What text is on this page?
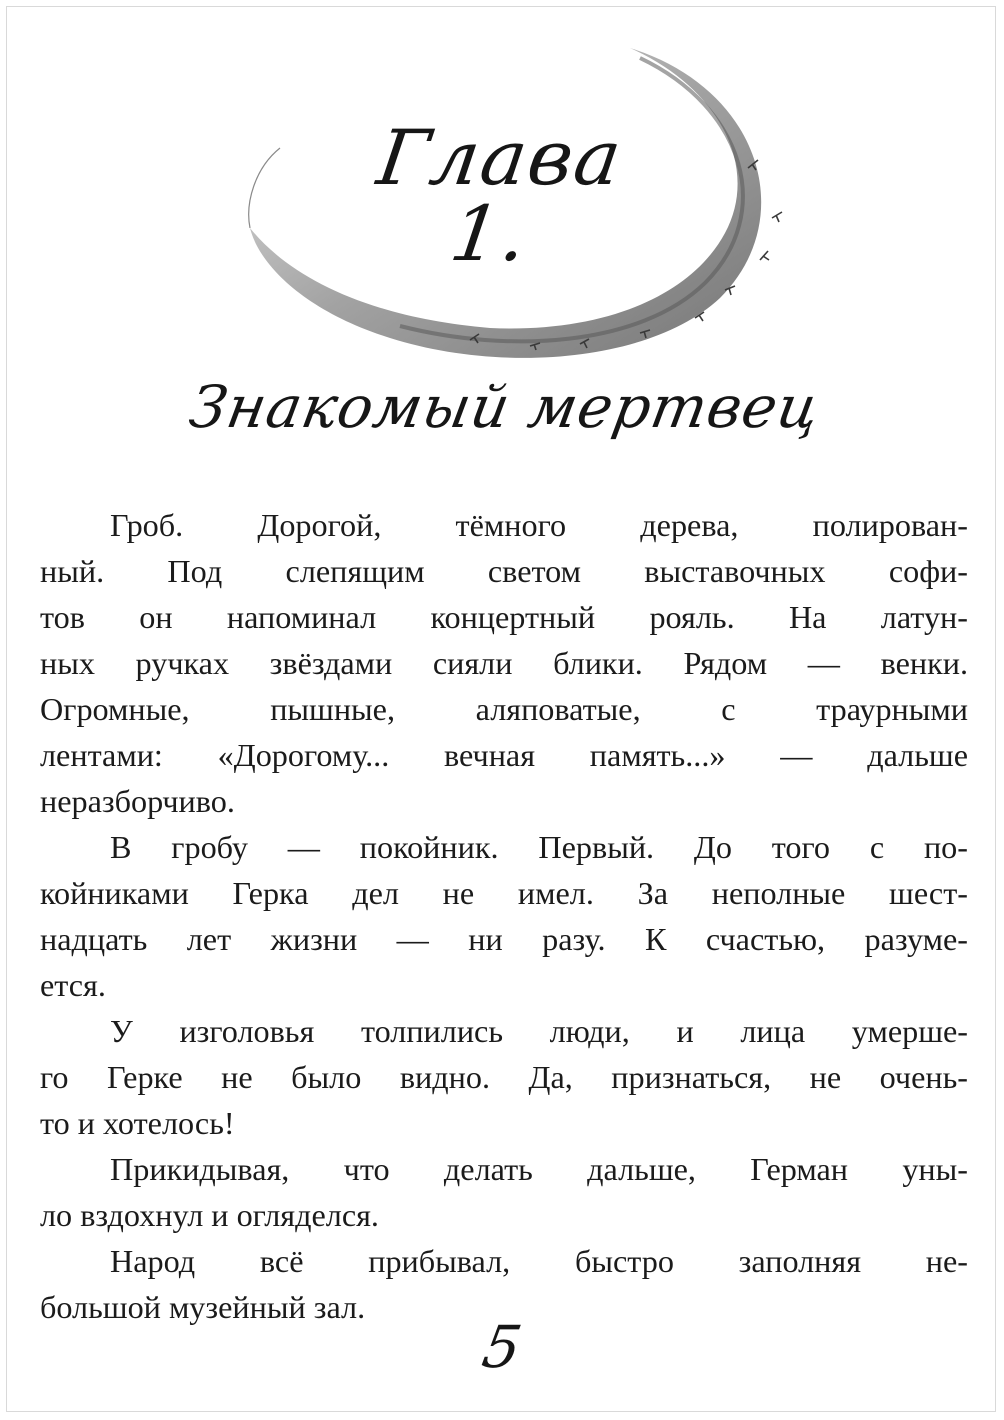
Глава 1.
Знакомый мертвец
Гроб. Дорогой, тёмного дерева, полирован-
ный. Под слепящим светом выставочных софи-
тов он напоминал концертный рояль. На латун-
ных ручках звёздами сияли блики. Рядом — венки.
Огромные, пышные, аляповатые, с траурными
лентами: «Дорогому... вечная память...» — дальше
неразборчиво.
В гробу — покойник. Первый. До того с по-
койниками Герка дел не имел. За неполные шест-
надцать лет жизни — ни разу. К счастью, разуме-
ется.
У изголовья толпились люди, и лица умерше-
го Герке не было видно. Да, признаться, не очень-
то и хотелось!
Прикидывая, что делать дальше, Герман уны-
ло вздохнул и огляделся.
Народ всё прибывал, быстро заполняя не-
большой музейный зал.
5
